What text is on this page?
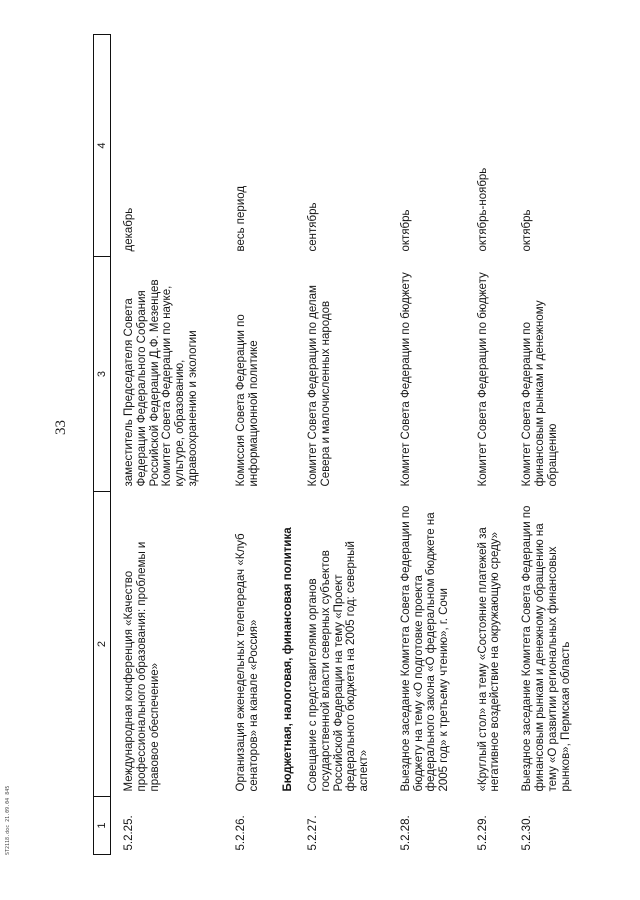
33
ST2118.doc 21.09.04 845	1	2	3	4
5.2.25.	Международная конференция «Качество профессионального образования: проблемы и правовое обеспечение»	заместитель Председателя Совета Федерации Федерального Собрания Российской Федерации Д.Ф. Мезенцев Комитет Совета Федерации по науке, культуре, образованию, здравоохранению и экологии	декабрь
5.2.26.	Организация еженедельных телепередач «Клуб сенаторов» на канале «Россия»	Комиссия Совета Федерации по информационной политике	весь период
	Бюджетная, налоговая, финансовая политика		
5.2.27.	Совещание с представителями органов государственной власти северных субъектов Российской Федерации на тему «Проект федерального бюджета на 2005 год: северный аспект»	Комитет Совета Федерации по делам Севера и малочисленных народов	сентябрь
5.2.28.	Выездное заседание Комитета Совета Федерации по бюджету на тему «О подготовке проекта федерального закона «О федеральном бюджете на 2005 год» к третьему чтению», г. Сочи	Комитет Совета Федерации по бюджету	октябрь
5.2.29.	«Круглый стол» на тему «Состояние платежей за негативное воздействие на окружающую среду»	Комитет Совета Федерации по бюджету	октябрь-ноябрь
5.2.30.	Выездное заседание Комитета Совета Федерации по финансовым рынкам и денежному обращению на тему «О развитии региональных финансовых рынков», Пермская область	Комитет Совета Федерации по финансовым рынкам и денежному обращению	октябрь
